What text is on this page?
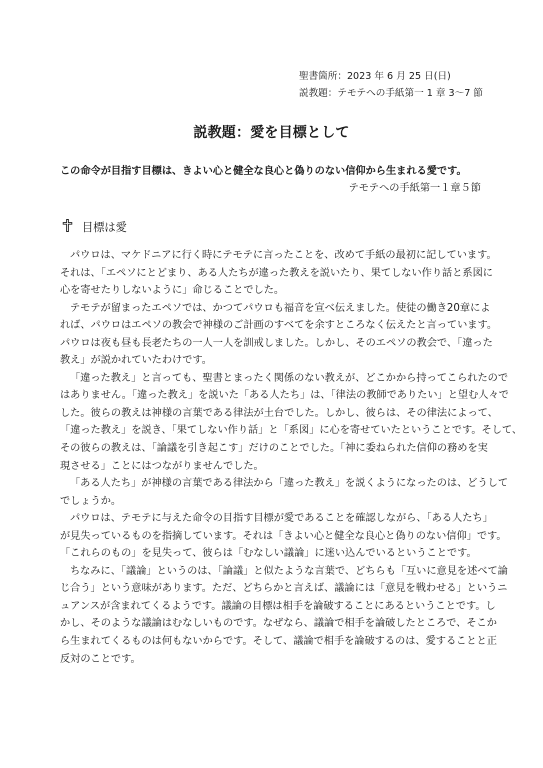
聖書箇所：2023 年 6 月 25 日(日)
説教題：テモテへの手紙第一 1 章 3～7 節
説教題：愛を目標として
この命令が目指す目標は、きよい心と健全な良心と偽りのない信仰から生まれる愛です。
テモテへの手紙第一１章５節
目標は愛
パウロは、マケドニアに行く時にテモテに言ったことを、改めて手紙の最初に記しています。
それは、「エペソにとどまり、ある人たちが違った教えを説いたり、果てしない作り話と系図に
心を寄せたりしないように」命じることでした。
テモテが留まったエペソでは、かつてパウロも福音を宣べ伝えました。使徒の働き20章によ
れば、パウロはエペソの教会で神様のご計画のすべてを余すところなく伝えたと言っています。
パウロは夜も昼も長老たちの一人一人を訓戒しました。しかし、そのエペソの教会で、「違った
教え」が説かれていたわけです。
「違った教え」と言っても、聖書とまったく関係のない教えが、どこかから持ってこられたので
はありません。「違った教え」を説いた「ある人たち」は、「律法の教師でありたい」と望む人々で
した。彼らの教えは神様の言葉である律法が土台でした。しかし、彼らは、その律法によって、
「違った教え」を説き、「果てしない作り話」と「系図」に心を寄せていたということです。そして、
その彼らの教えは、「論議を引き起こす」だけのことでした。「神に委ねられた信仰の務めを実
現させる」ことにはつながりませんでした。
「ある人たち」が神様の言葉である律法から「違った教え」を説くようになったのは、どうして
でしょうか。
パウロは、テモテに与えた命令の目指す目標が愛であることを確認しながら、「ある人たち」
が見失っているものを指摘しています。それは「きよい心と健全な良心と偽りのない信仰」です。
「これらのもの」を見失って、彼らは「むなしい議論」に迷い込んでいるということです。
ちなみに、「議論」というのは、「論議」と似たような言葉で、どちらも「互いに意見を述べて論
じ合う」という意味があります。ただ、どちらかと言えば、議論には「意見を戦わせる」というニ
ュアンスが含まれてくるようです。議論の目標は相手を論破することにあるということです。し
かし、そのような議論はむなしいものです。なぜなら、議論で相手を論破したところで、そこか
ら生まれてくるものは何もないからです。そして、議論で相手を論破するのは、愛することと正
反対のことです。
